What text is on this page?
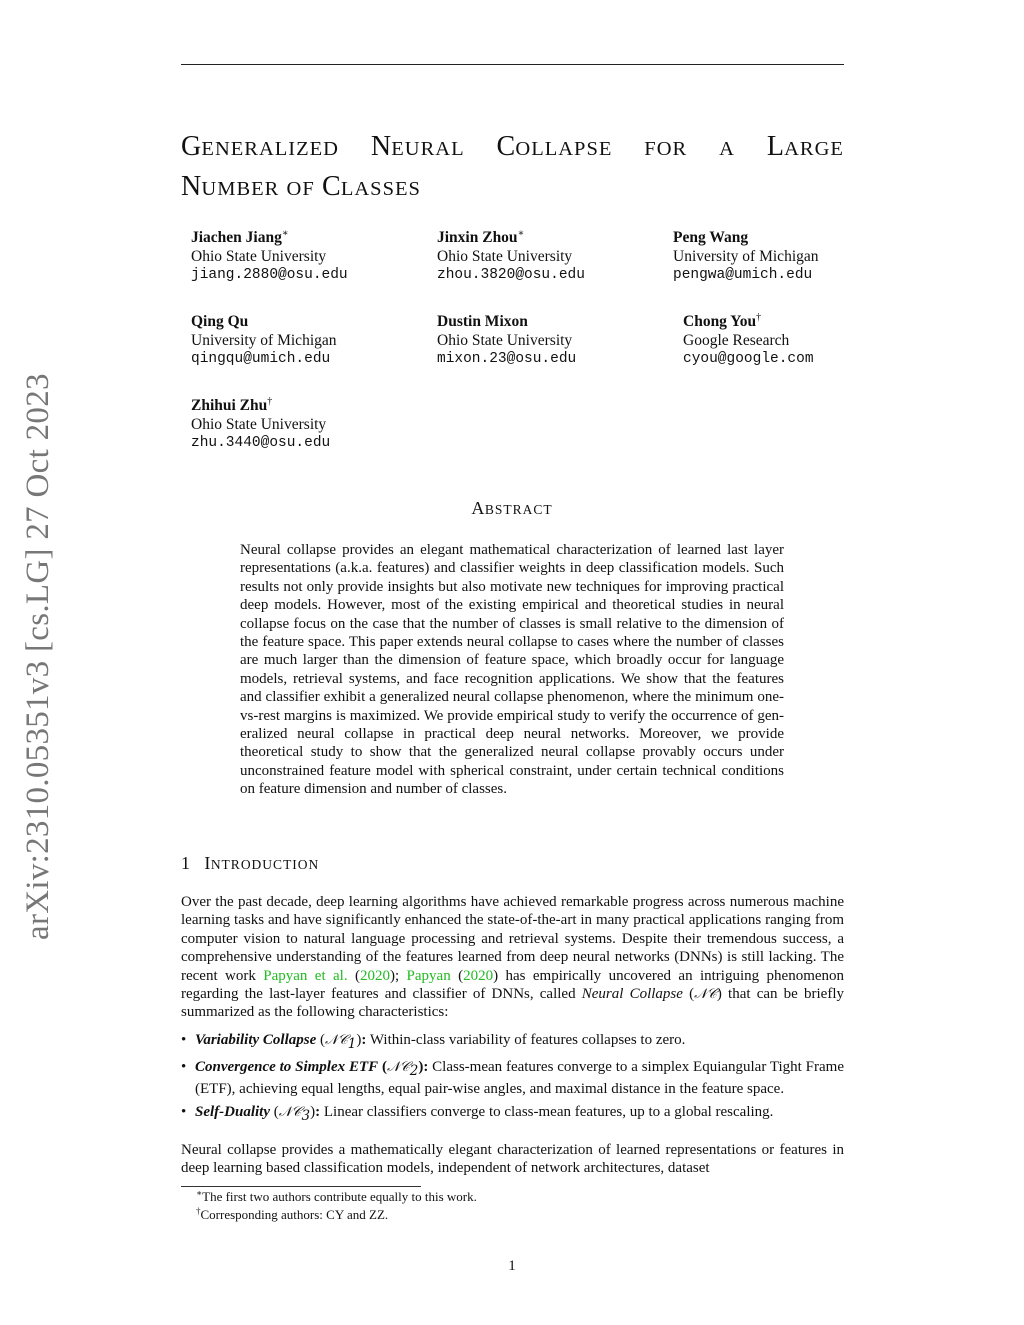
arXiv:2310.05351v3 [cs.LG] 27 Oct 2023
GENERALIZED NEURAL COLLAPSE FOR A LARGE
NUMBER OF CLASSES
Jiachen Jiang∗
Ohio State University
jiang.2880@osu.edu
Jinxin Zhou∗
Ohio State University
zhou.3820@osu.edu
Peng Wang
University of Michigan
pengwa@umich.edu
Qing Qu
University of Michigan
qingqu@umich.edu
Dustin Mixon
Ohio State University
mixon.23@osu.edu
Chong You†
Google Research
cyou@google.com
Zhihui Zhu†
Ohio State University
zhu.3440@osu.edu
ABSTRACT
Neural collapse provides an elegant mathematical characterization of learned last layer representations (a.k.a. features) and classifier weights in deep classification models. Such results not only provide insights but also motivate new techniques for improving practical deep models. However, most of the existing empirical and theoretical studies in neural collapse focus on the case that the number of classes is small relative to the dimension of the feature space. This paper extends neural collapse to cases where the number of classes are much larger than the dimension of feature space, which broadly occur for language models, retrieval systems, and face recognition applications. We show that the features and classifier exhibit a generalized neural collapse phenomenon, where the minimum one-vs-rest margins is maximized. We provide empirical study to verify the occurrence of generalized neural collapse in practical deep neural networks. Moreover, we provide theoretical study to show that the generalized neural collapse provably occurs under unconstrained feature model with spherical constraint, under certain technical conditions on feature dimension and number of classes.
1 INTRODUCTION
Over the past decade, deep learning algorithms have achieved remarkable progress across numerous machine learning tasks and have significantly enhanced the state-of-the-art in many practical applications ranging from computer vision to natural language processing and retrieval systems. Despite their tremendous success, a comprehensive understanding of the features learned from deep neural networks (DNNs) is still lacking. The recent work Papyan et al. (2020); Papyan (2020) has empirically uncovered an intriguing phenomenon regarding the last-layer features and classifier of DNNs, called Neural Collapse (𝒩𝒞) that can be briefly summarized as the following characteristics:
• Variability Collapse (𝒩𝒞$_1$): Within-class variability of features collapses to zero.
• Convergence to Simplex ETF (𝒩𝒞$_2$): Class-mean features converge to a simplex Equiangular Tight Frame (ETF), achieving equal lengths, equal pair-wise angles, and maximal distance in the feature space.
• Self-Duality (𝒩𝒞$_3$): Linear classifiers converge to class-mean features, up to a global rescaling.
Neural collapse provides a mathematically elegant characterization of learned representations or features in deep learning based classification models, independent of network architectures, dataset
∗The first two authors contribute equally to this work.
†Corresponding authors: CY and ZZ.
1
